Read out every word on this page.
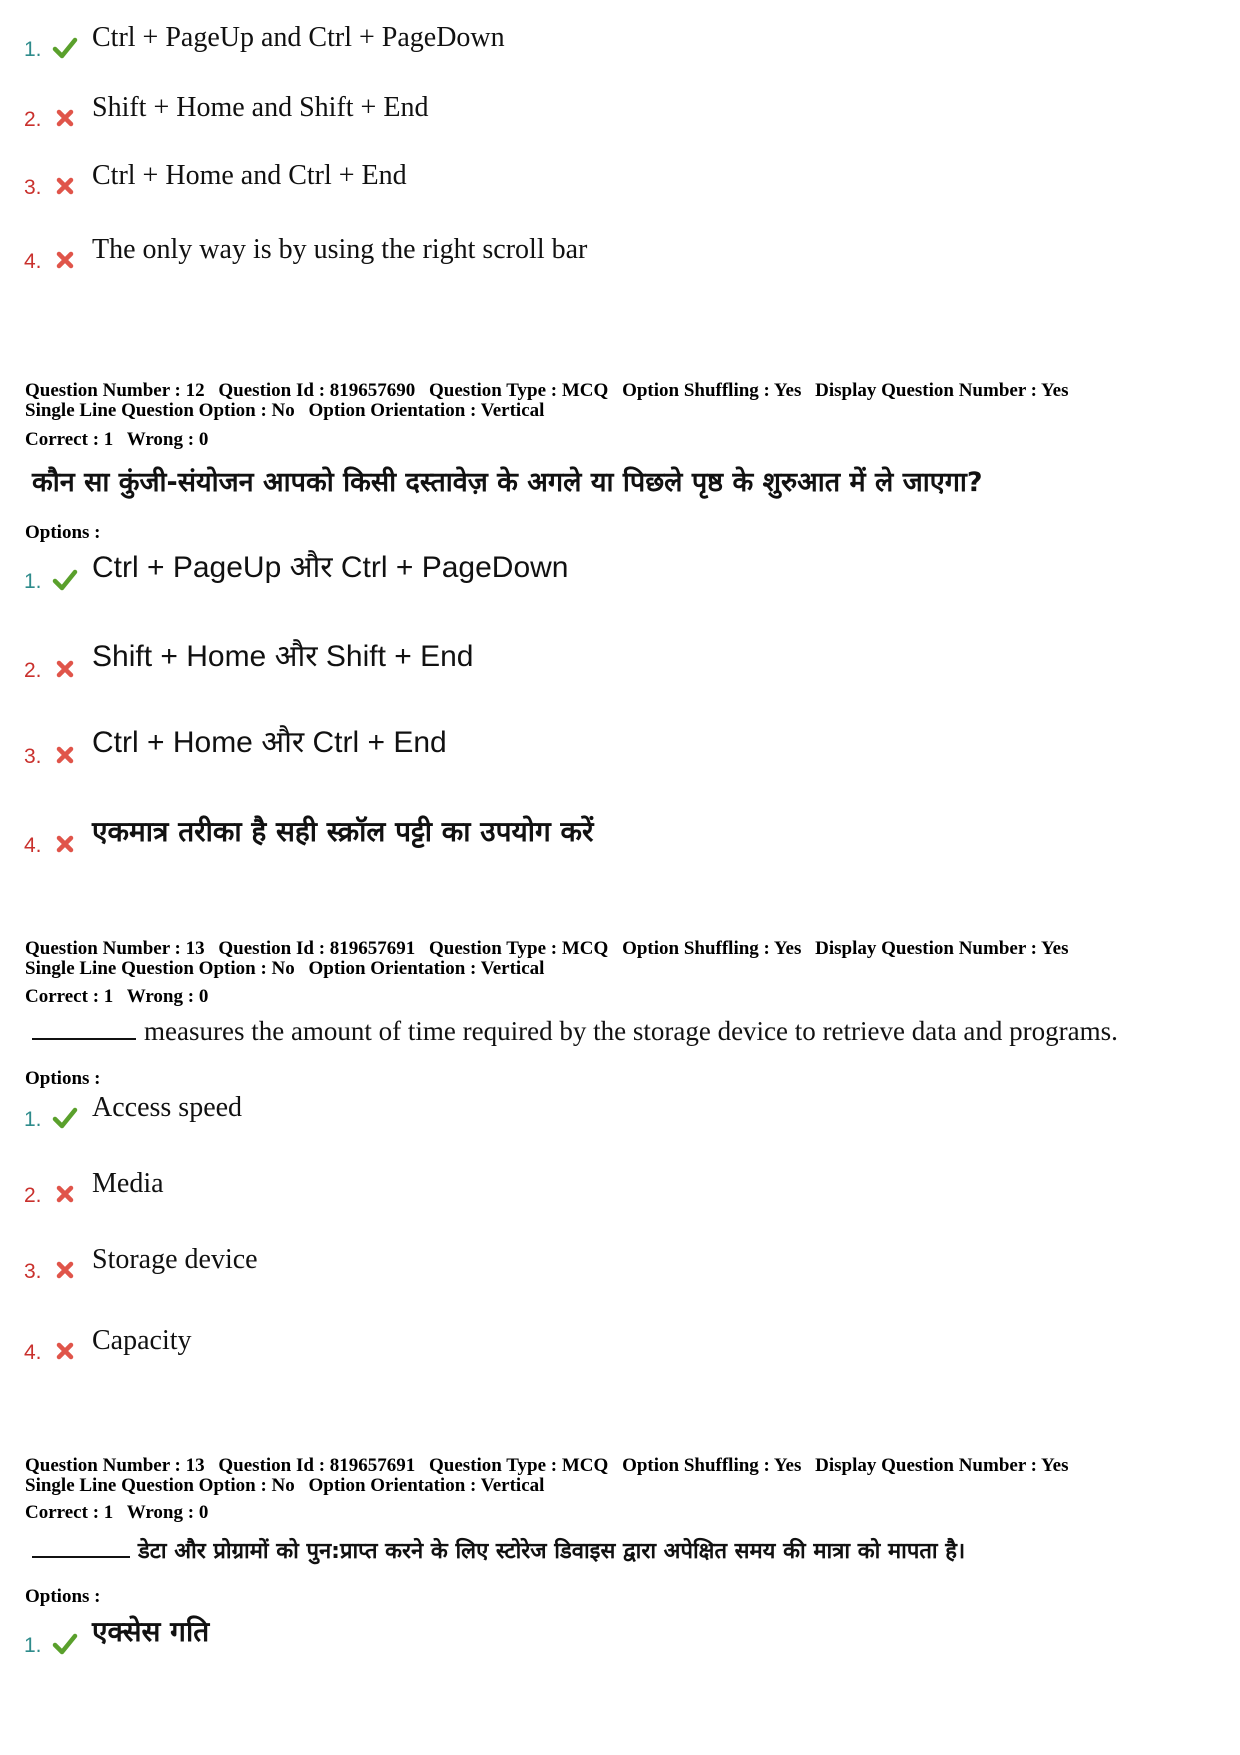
1. Ctrl + PageUp and Ctrl + PageDown
2. Shift + Home and Shift + End
3. Ctrl + Home and Ctrl + End
4. The only way is by using the right scroll bar
Question Number : 12 Question Id : 819657690 Question Type : MCQ Option Shuffling : Yes Display Question Number : Yes
Single Line Question Option : No Option Orientation : Vertical
Correct : 1 Wrong : 0
कौन सा कुंजी-संयोजन आपको किसी दस्तावेज़ के अगले या पिछले पृष्ठ के शुरुआत में ले जाएगा?
Options :
1. Ctrl + PageUp और Ctrl + PageDown
2. Shift + Home और Shift + End
3. Ctrl + Home और Ctrl + End
4. एकमात्र तरीका है सही स्क्रॉल पट्टी का उपयोग करें
Question Number : 13 Question Id : 819657691 Question Type : MCQ Option Shuffling : Yes Display Question Number : Yes
Single Line Question Option : No Option Orientation : Vertical
Correct : 1 Wrong : 0
measures the amount of time required by the storage device to retrieve data and programs.
Options :
1. Access speed
2. Media
3. Storage device
4. Capacity
Question Number : 13 Question Id : 819657691 Question Type : MCQ Option Shuffling : Yes Display Question Number : Yes
Single Line Question Option : No Option Orientation : Vertical
Correct : 1 Wrong : 0
डेटा और प्रोग्रामों को पुन:प्राप्त करने के लिए स्टोरेज डिवाइस द्वारा अपेक्षित समय की मात्रा को मापता है।
Options :
1. एक्सेस गति
